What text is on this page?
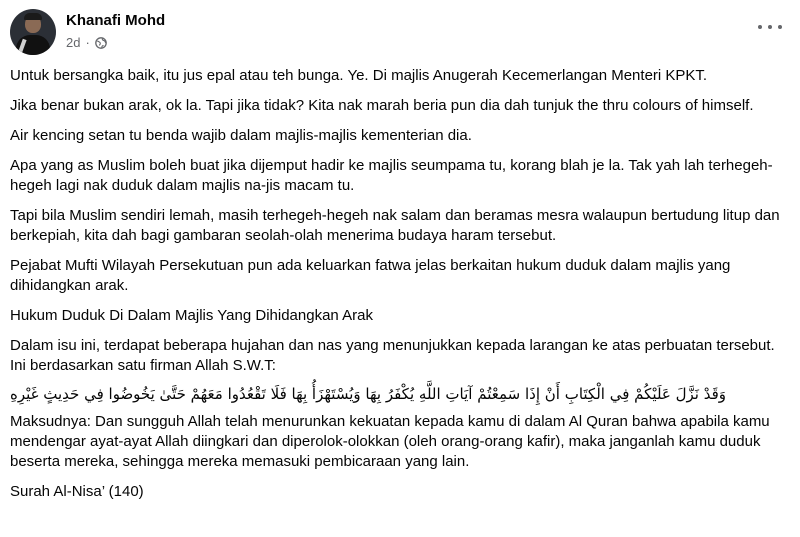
Khanafi Mohd
2d ·

Untuk bersangka baik, itu jus epal atau teh bunga. Ye. Di majlis Anugerah Kecemerlangan Menteri KPKT.

Jika benar bukan arak, ok la. Tapi jika tidak? Kita nak marah beria pun dia dah tunjuk the thru colours of himself.

Air kencing setan tu benda wajib dalam majlis-majlis kementerian dia.

Apa yang as Muslim boleh buat jika dijemput hadir ke majlis seumpama tu, korang blah je la. Tak yah lah terhegeh-hegeh lagi nak duduk dalam majlis na-jis macam tu.

Tapi bila Muslim sendiri lemah, masih terhegeh-hegeh nak salam dan beramas mesra walaupun bertudung litup dan berkepiah, kita dah bagi gambaran seolah-olah menerima budaya haram tersebut.

Pejabat Mufti Wilayah Persekutuan pun ada keluarkan fatwa jelas berkaitan hukum duduk dalam majlis yang dihidangkan arak.

Hukum Duduk Di Dalam Majlis Yang Dihidangkan Arak

Dalam isu ini, terdapat beberapa hujahan dan nas yang menunjukkan kepada larangan ke atas perbuatan tersebut. Ini berdasarkan satu firman Allah S.W.T:

وَقَدْ نَزَّلَ عَلَيْكُمْ فِي الْكِتَابِ أَنْ إِذَا سَمِعْتُمْ آيَاتِ اللَّهِ يُكْفَرُ بِهَا وَيُسْتَهْزَأُ بِهَا فَلَا تَقْعُدُوا مَعَهُمْ حَتَّىٰ يَخُوضُوا فِي حَدِيثٍ غَيْرِهِ

Maksudnya: Dan sungguh Allah telah menurunkan kekuatan kepada kamu di dalam Al Quran bahwa apabila kamu mendengar ayat-ayat Allah diingkari dan diperolok-olokkan (oleh orang-orang kafir), maka janganlah kamu duduk beserta mereka, sehingga mereka memasuki pembicaraan yang lain.

Surah Al-Nisa’ (140)
